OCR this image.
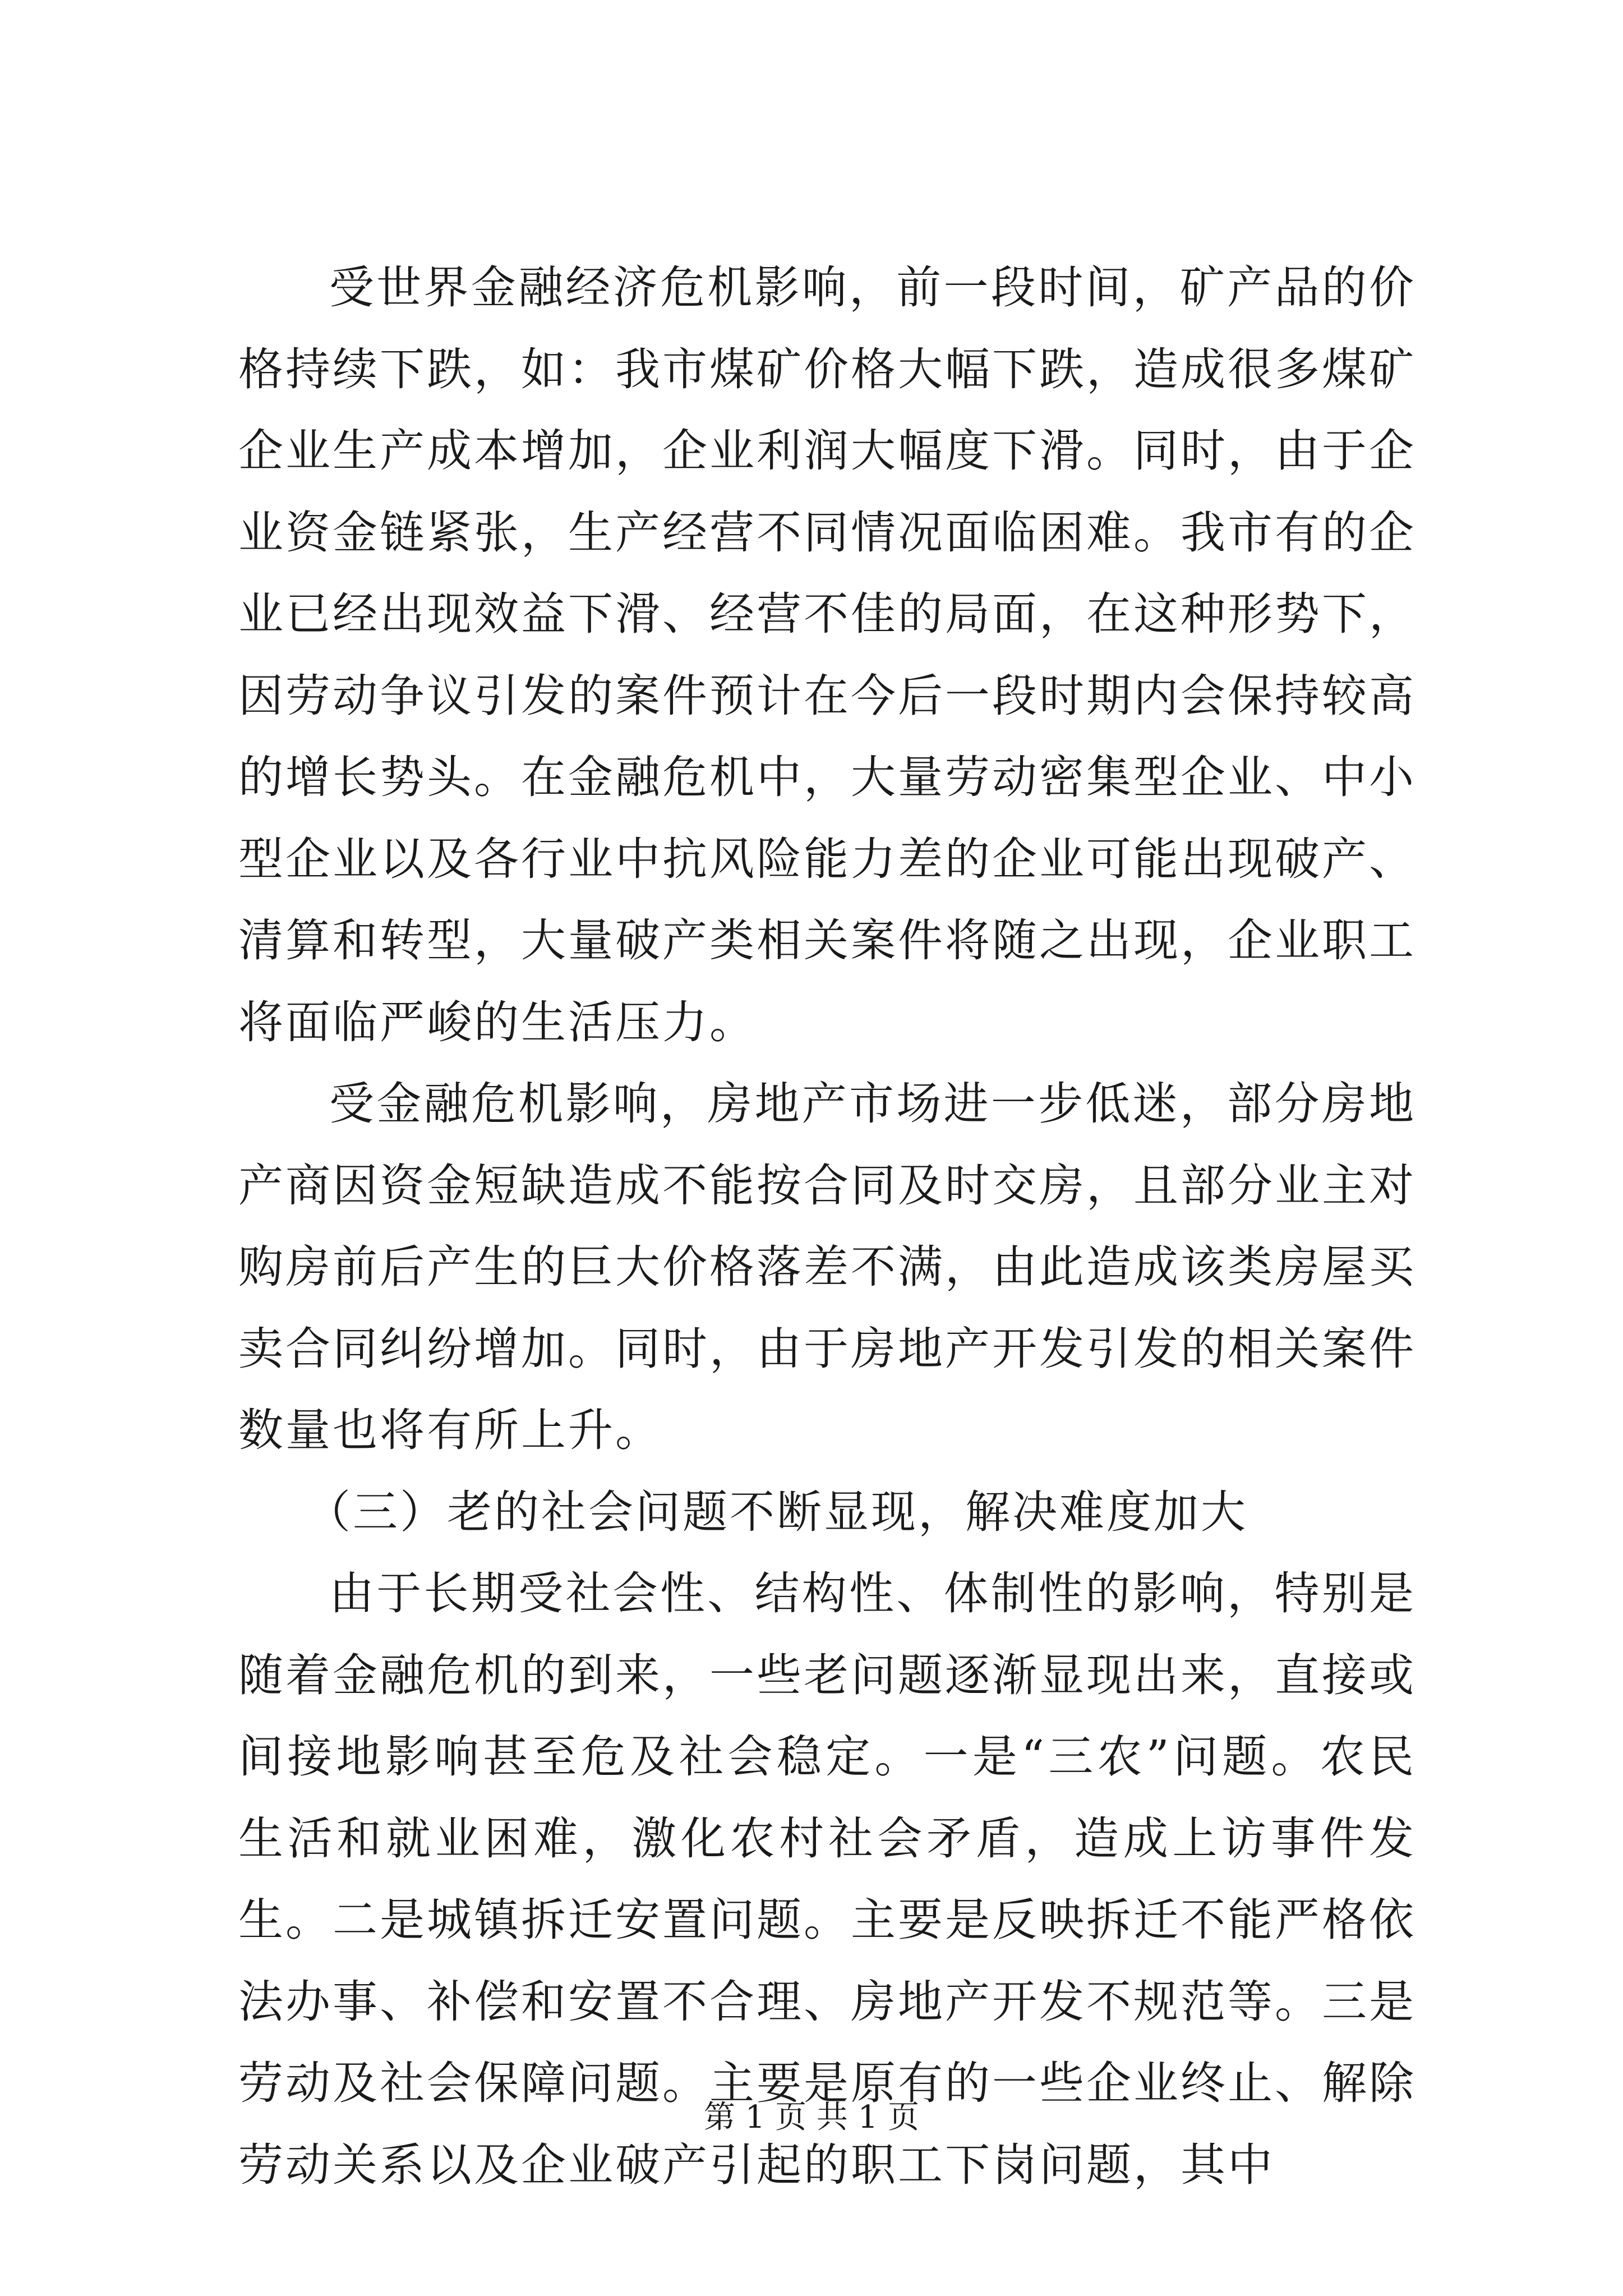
受世界金融经济危机影响，前一段时间，矿产品的价格持续下跌，如：我市煤矿价格大幅下跌，造成很多煤矿企业生产成本增加，企业利润大幅度下滑。同时，由于企业资金链紧张，生产经营不同情况面临困难。我市有的企业已经出现效益下滑、经营不佳的局面，在这种形势下，因劳动争议引发的案件预计在今后一段时期内会保持较高的增长势头。在金融危机中，大量劳动密集型企业、中小型企业以及各行业中抗风险能力差的企业可能出现破产、清算和转型，大量破产类相关案件将随之出现，企业职工将面临严峻的生活压力。

受金融危机影响，房地产市场进一步低迷，部分房地产商因资金短缺造成不能按合同及时交房，且部分业主对购房前后产生的巨大价格落差不满，由此造成该类房屋买卖合同纠纷增加。同时，由于房地产开发引发的相关案件数量也将有所上升。

（三）老的社会问题不断显现，解决难度加大

由于长期受社会性、结构性、体制性的影响，特别是随着金融危机的到来，一些老问题逐渐显现出来，直接或间接地影响甚至危及社会稳定。一是“三农”问题。农民生活和就业困难，激化农村社会矛盾，造成上访事件发生。二是城镇拆迁安置问题。主要是反映拆迁不能严格依法办事、补偿和安置不合理、房地产开发不规范等。三是劳动及社会保障问题。主要是原有的一些企业终止、解除劳动关系以及企业破产引起的职工下岗问题，其中

第 1 页 共 1 页
